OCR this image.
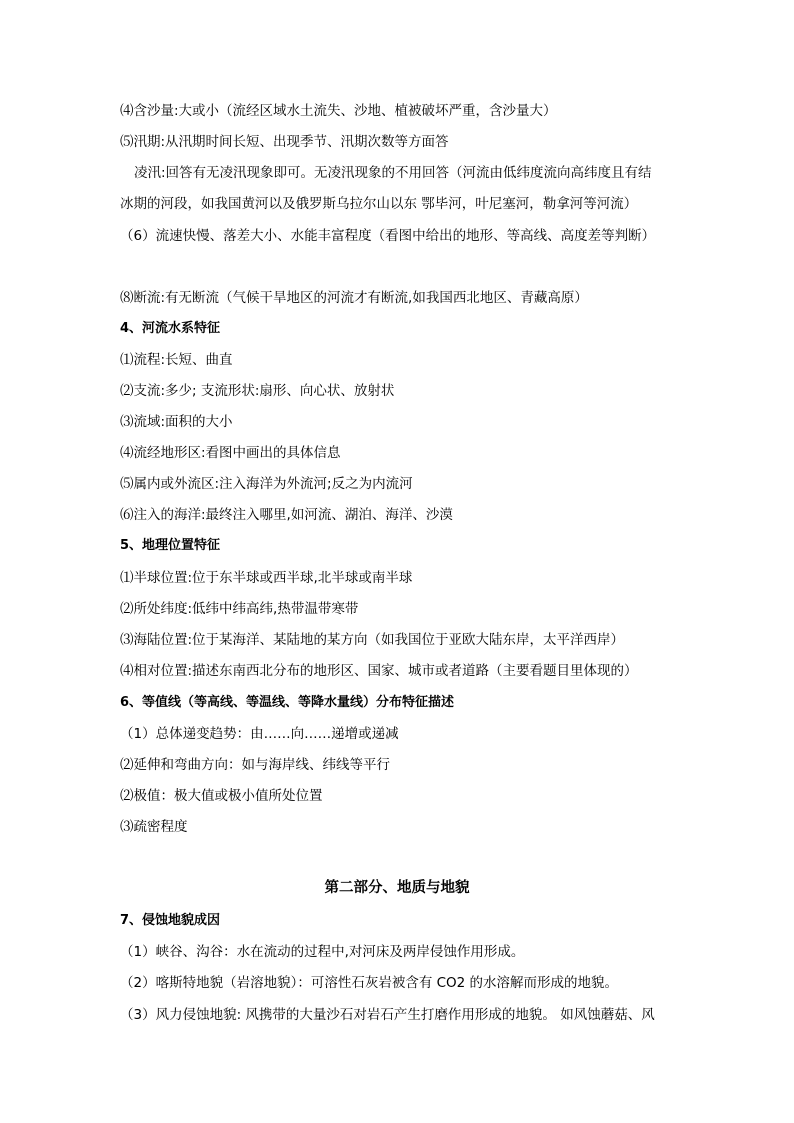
⑷含沙量:大或小（流经区域水土流失、沙地、植被破坏严重，含沙量大）
⑸汛期:从汛期时间长短、出现季节、汛期次数等方面答
凌汛:回答有无凌汛现象即可。无凌汛现象的不用回答（河流由低纬度流向高纬度且有结
冰期的河段，如我国黄河以及俄罗斯乌拉尔山以东 鄂毕河，叶尼塞河，勒拿河等河流）
（6）流速快慢、落差大小、水能丰富程度（看图中给出的地形、等高线、高度差等判断）
⑻断流:有无断流（气候干旱地区的河流才有断流,如我国西北地区、青藏高原）
4、河流水系特征
⑴流程:长短、曲直
⑵支流:多少; 支流形状:扇形、向心状、放射状
⑶流域:面积的大小
⑷流经地形区:看图中画出的具体信息
⑸属内或外流区:注入海洋为外流河;反之为内流河
⑹注入的海洋:最终注入哪里,如河流、湖泊、海洋、沙漠
5、地理位置特征
⑴半球位置:位于东半球或西半球,北半球或南半球
⑵所处纬度:低纬中纬高纬,热带温带寒带
⑶海陆位置:位于某海洋、某陆地的某方向（如我国位于亚欧大陆东岸，太平洋西岸）
⑷相对位置:描述东南西北分布的地形区、国家、城市或者道路（主要看题目里体现的）
6、等值线（等高线、等温线、等降水量线）分布特征描述
（1）总体递变趋势：由……向……递增或递减
⑵延伸和弯曲方向：如与海岸线、纬线等平行
⑵极值：极大值或极小值所处位置
⑶疏密程度
第二部分、地质与地貌
7、侵蚀地貌成因
（1）峡谷、沟谷：水在流动的过程中,对河床及两岸侵蚀作用形成。
（2）喀斯特地貌（岩溶地貌）：可溶性石灰岩被含有 CO2 的水溶解而形成的地貌。
（3）风力侵蚀地貌: 风携带的大量沙石对岩石产生打磨作用形成的地貌。 如风蚀蘑菇、风
